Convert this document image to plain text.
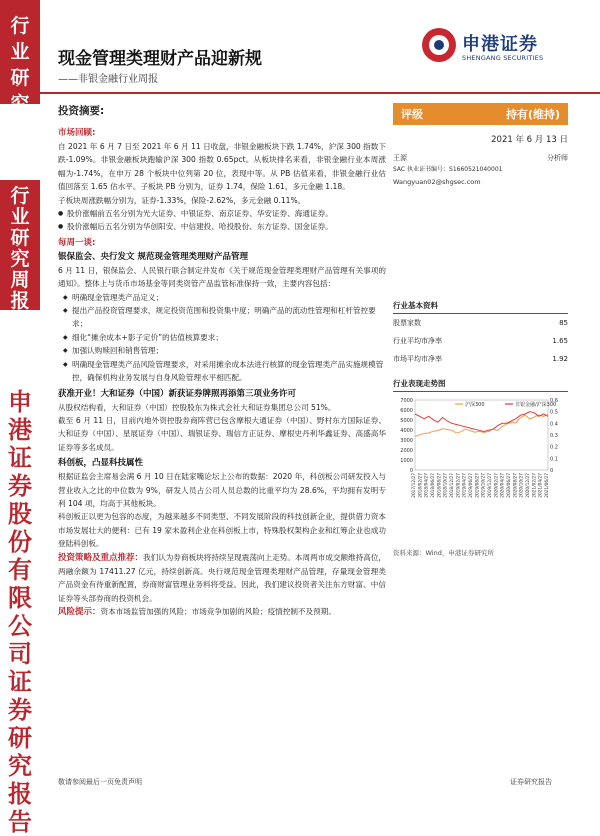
行
业
研
究
行
业
研
究
周
报
申
港
证
券
股
份
有
限
公
司
证
券
研
究
报
告
现金管理类理财产品迎新规
——非银金融行业周报
申港证券
SHENGANG SECURITIES
投资摘要:
市场回顾:
自 2021 年 6 月 7 日至 2021 年 6 月 11 日收盘，非银金融板块下跌 1.74%，沪深 300 指数下跌-1.09%。非银金融板块跑输沪深 300 指数 0.65pct。从板块排名来看，非银金融行业本周涨幅为-1.74%，在申万 28 个板块中位列第 20 位，表现中等。从 PB 估值来看，非银金融行业估值回落至 1.65 估水平。子板块 PB 分别为，证券 1.74，保险 1.61，多元金融 1.18。
子板块周涨跌幅分别为，证券-1.33%，保险-2.62%，多元金融 0.11%。
● 股价涨幅前五名分别为光大证券、中银证券、南京证券、华安证券、海通证券。
● 股价涨幅后五名分别为华创阳安、中信建投、哈投股份、东方证券、国金证券。
每周一谈:
银保监会、央行发文 规范现金管理类理财产品管理
6 月 11 日，银保监会、人民银行联合制定并发布《关于规范现金管理类理财产品管理有关事项的通知》。整体上与货币市场基金等同类资管产品监管标准保持一致，主要内容包括：
◆ 明确现金管理类产品定义；
◆ 提出产品投资管理要求，规定投资范围和投资集中度；明确产品的流动性管理和杠杆管控要求；
◆ 细化“摊余成本+影子定价”的估值核算要求；
◆ 加强认购赎回和销售管理；
◆ 明确现金管理类产品风险管理要求，对采用摊余成本法进行核算的现金管理类产品实施规模管控，确保机构业务发展与自身风险管理水平相匹配。
获准开业！大和证券（中国）新获证券牌照再添第三项业务许可
从股权结构看，大和证券（中国）控股股东为株式会社大和证券集团总公司 51%。
截至 6 月 11 日，目前内地外资控股券商阵营已包含摩根大通证券（中国）、野村东方国际证券、大和证券（中国）、星展证券（中国）、瑞银证券、瑞信方正证券、摩根史丹利华鑫证券、高盛高华证券等多名成员。
科创板，凸显科技属性
根据证监会主席易会满 6 月 10 日在陆家嘴论坛上公布的数据：2020 年，科创板公司研发投入与营业收入之比的中位数为 9%，研发人员占公司人员总数的比重平均为 28.6%，平均拥有发明专利 104 项，均高于其他板块。
科创板正以更为包容的态度，为越来越多不同类型、不同发展阶段的科技创新企业，提供借力资本市场发展壮大的便利：已有 19 家未盈利企业在科创板上市，特殊股权架构企业和红筹企业也成功登陆科创板。
投资策略及重点推荐：我们认为券商板块将持续呈现震荡向上走势。本周两市成交额维持高位，两融余额为 17411.27 亿元，持续创新高。央行规范现金管理类理财产品管理，存量现金管理类产品资金有待重新配置，券商财富管理业务料将受益。因此，我们建议投资者关注东方财富、中信证券等头部券商的投资机会。
风险提示：资本市场监管加强的风险；市场竞争加剧的风险；疫情控制不及预期。
评级	持有(维持)
2021 年 6 月 13 日
王源	分析师
SAC 执业证书编号：S1660521040001
Wangyuan02@shgsec.com
行业基本资料
股票家数	85
行业平均市净率	1.65
市场平均市净率	1.92
行业表现走势图
7000
6000
5000
4000
3000
2000
1000
0
0.6
0.5
0.4
0.3
0.2
0.1
0
2017/12/27 2018/02/27 2018/04/27 2018/06/27 2018/08/27 2018/10/27 2018/12/27 2019/02/27 2019/04/27 2019/06/27 2019/08/27 2019/10/27 2019/12/27 2020/02/27 2020/04/27 2020/06/27 2020/08/27 2020/10/27 2020/12/27 2021/02/27 2021/04/27 2021/06/27
沪深300	非银金融/沪深300
资料来源：Wind，申港证券研究所
敬请参阅最后一页免责声明	证券研究报告
